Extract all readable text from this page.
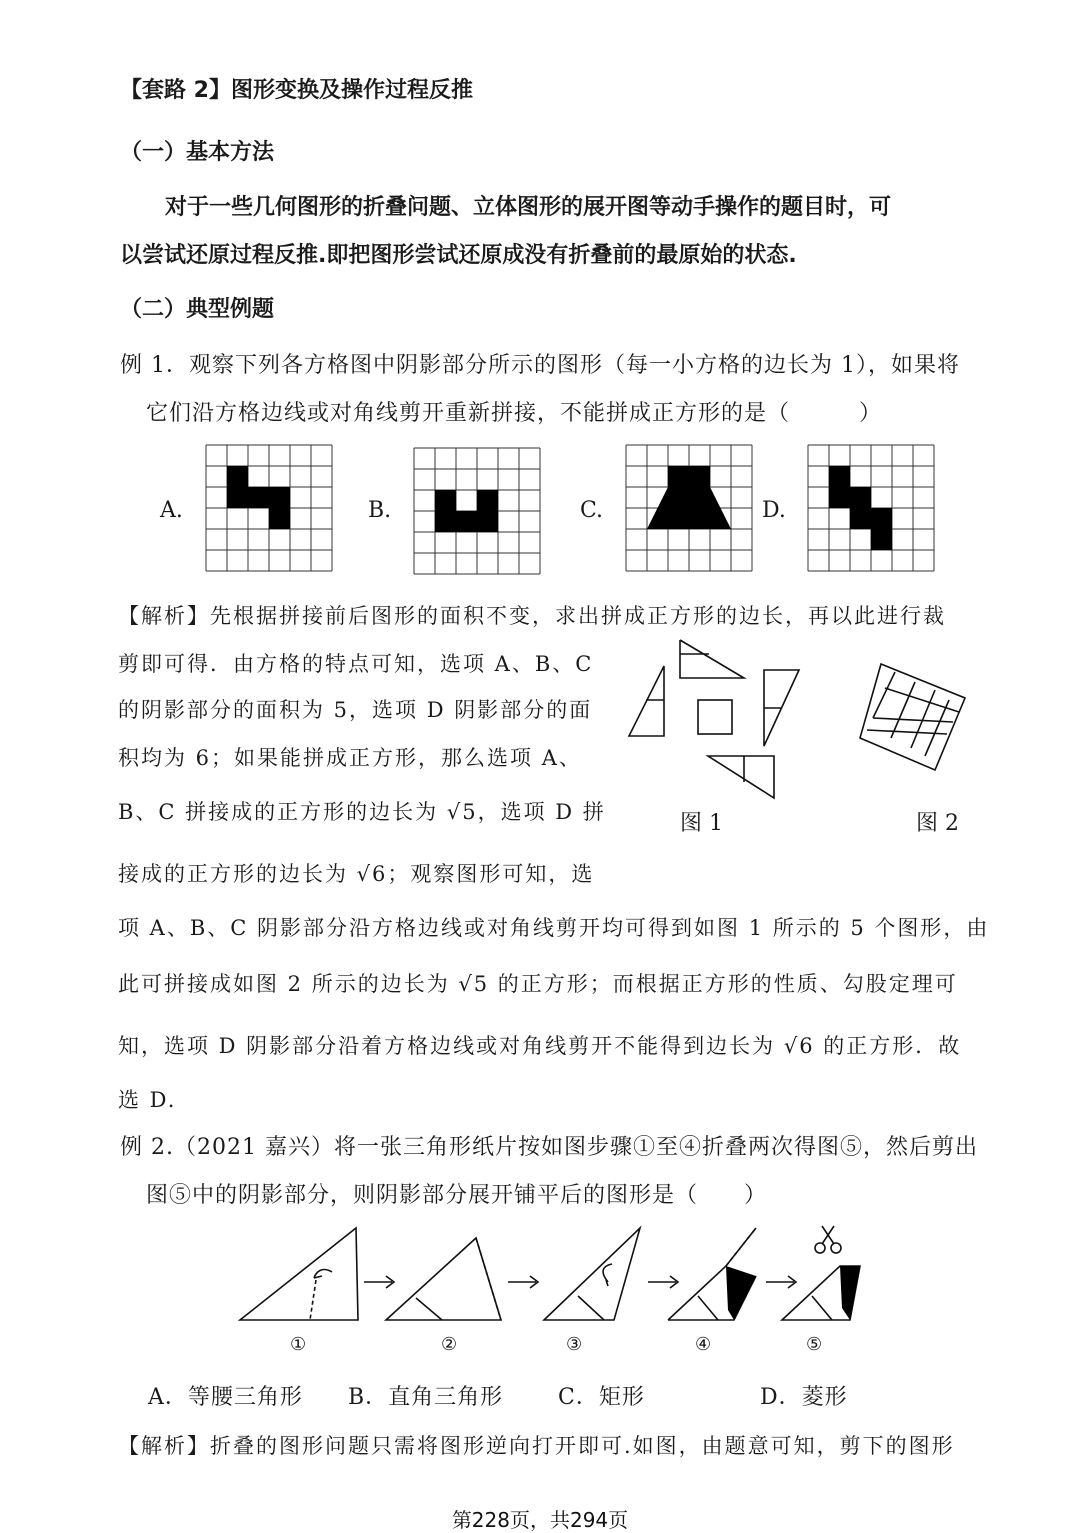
【套路 2】图形变换及操作过程反推
（一）基本方法
对于一些几何图形的折叠问题、立体图形的展开图等动手操作的题目时，可
以尝试还原过程反推.即把图形尝试还原成没有折叠前的最原始的状态.
（二）典型例题
例 1．观察下列各方格图中阴影部分所示的图形（每一小方格的边长为 1），如果将
它们沿方格边线或对角线剪开重新拼接，不能拼成正方形的是（　　　）
A.	B.	C.	D.
【解析】先根据拼接前后图形的面积不变，求出拼成正方形的边长，再以此进行裁
剪即可得．由方格的特点可知，选项 A、B、C
的阴影部分的面积为 5，选项 D 阴影部分的面
积均为 6；如果能拼成正方形，那么选项 A、
B、C 拼接成的正方形的边长为 √5，选项 D 拼
接成的正方形的边长为 √6；观察图形可知，选
项 A、B、C 阴影部分沿方格边线或对角线剪开均可得到如图 1 所示的 5 个图形，由
此可拼接成如图 2 所示的边长为 √5 的正方形；而根据正方形的性质、勾股定理可
知，选项 D 阴影部分沿着方格边线或对角线剪开不能得到边长为 √6 的正方形．故
选 D.
图 1	图 2
例 2.（2021 嘉兴）将一张三角形纸片按如图步骤①至④折叠两次得图⑤，然后剪出
图⑤中的阴影部分，则阴影部分展开铺平后的图形是（　　）
①	②	③	④	⑤
A．等腰三角形 B．直角三角形 C．矩形	D．菱形
【解析】折叠的图形问题只需将图形逆向打开即可.如图，由题意可知，剪下的图形
第228页，共294页
